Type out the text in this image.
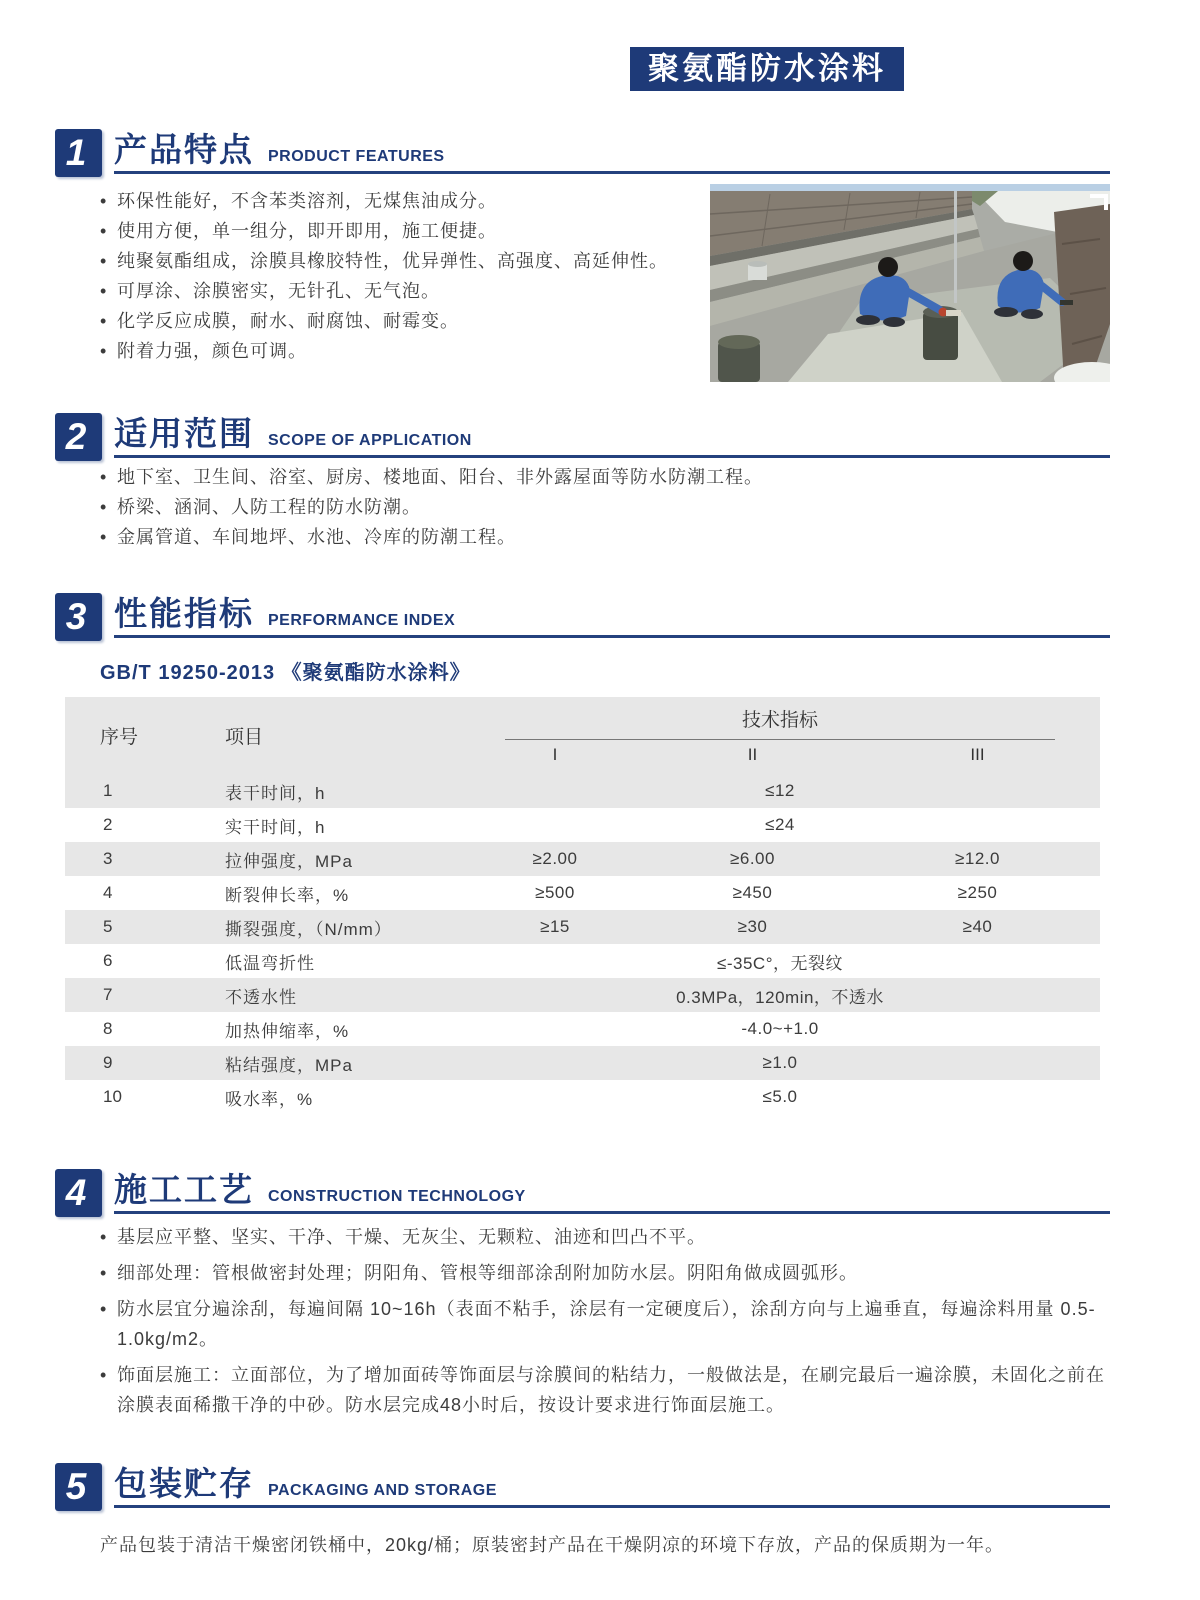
聚氨酯防水涂料
1 产品特点 PRODUCT FEATURES
• 环保性能好，不含苯类溶剂，无煤焦油成分。
• 使用方便，单一组分，即开即用，施工便捷。
• 纯聚氨酯组成，涂膜具橡胶特性，优异弹性、高强度、高延伸性。
• 可厚涂、涂膜密实，无针孔、无气泡。
• 化学反应成膜，耐水、耐腐蚀、耐霉变。
• 附着力强，颜色可调。
2 适用范围 SCOPE OF APPLICATION
• 地下室、卫生间、浴室、厨房、楼地面、阳台、非外露屋面等防水防潮工程。
• 桥梁、涵洞、人防工程的防水防潮。
• 金属管道、车间地坪、水池、冷库的防潮工程。
3 性能指标 PERFORMANCE INDEX
GB/T 19250-2013 《聚氨酯防水涂料》
序号	项目	技术指标		

		I	II	III
1	表干时间，h	≤12		
2	实干时间，h	≤24		
3	拉伸强度，MPa	≥2.00	≥6.00	≥12.0
4	断裂伸长率，%	≥500	≥450	≥250
5	撕裂强度，（N/mm）	≥15	≥30	≥40
6	低温弯折性	≤-35C°，无裂纹		
7	不透水性	0.3MPa，120min，不透水		
8	加热伸缩率，%	-4.0~+1.0		
9	粘结强度，MPa	≥1.0		
10	吸水率，%	≤5.0		
4 施工工艺 CONSTRUCTION TECHNOLOGY
• 基层应平整、坚实、干净、干燥、无灰尘、无颗粒、油迹和凹凸不平。
• 细部处理：管根做密封处理；阴阳角、管根等细部涂刮附加防水层。阴阳角做成圆弧形。
• 防水层宜分遍涂刮，每遍间隔 10~16h（表面不粘手，涂层有一定硬度后），涂刮方向与上遍垂直，每遍涂料用量 0.5-1.0kg/m2。
• 饰面层施工：立面部位，为了增加面砖等饰面层与涂膜间的粘结力，一般做法是，在刷完最后一遍涂膜，未固化之前在涂膜表面稀撒干净的中砂。防水层完成48小时后，按设计要求进行饰面层施工。
5 包装贮存 PACKAGING AND STORAGE
产品包装于清洁干燥密闭铁桶中，20kg/桶；原装密封产品在干燥阴凉的环境下存放，产品的保质期为一年。
